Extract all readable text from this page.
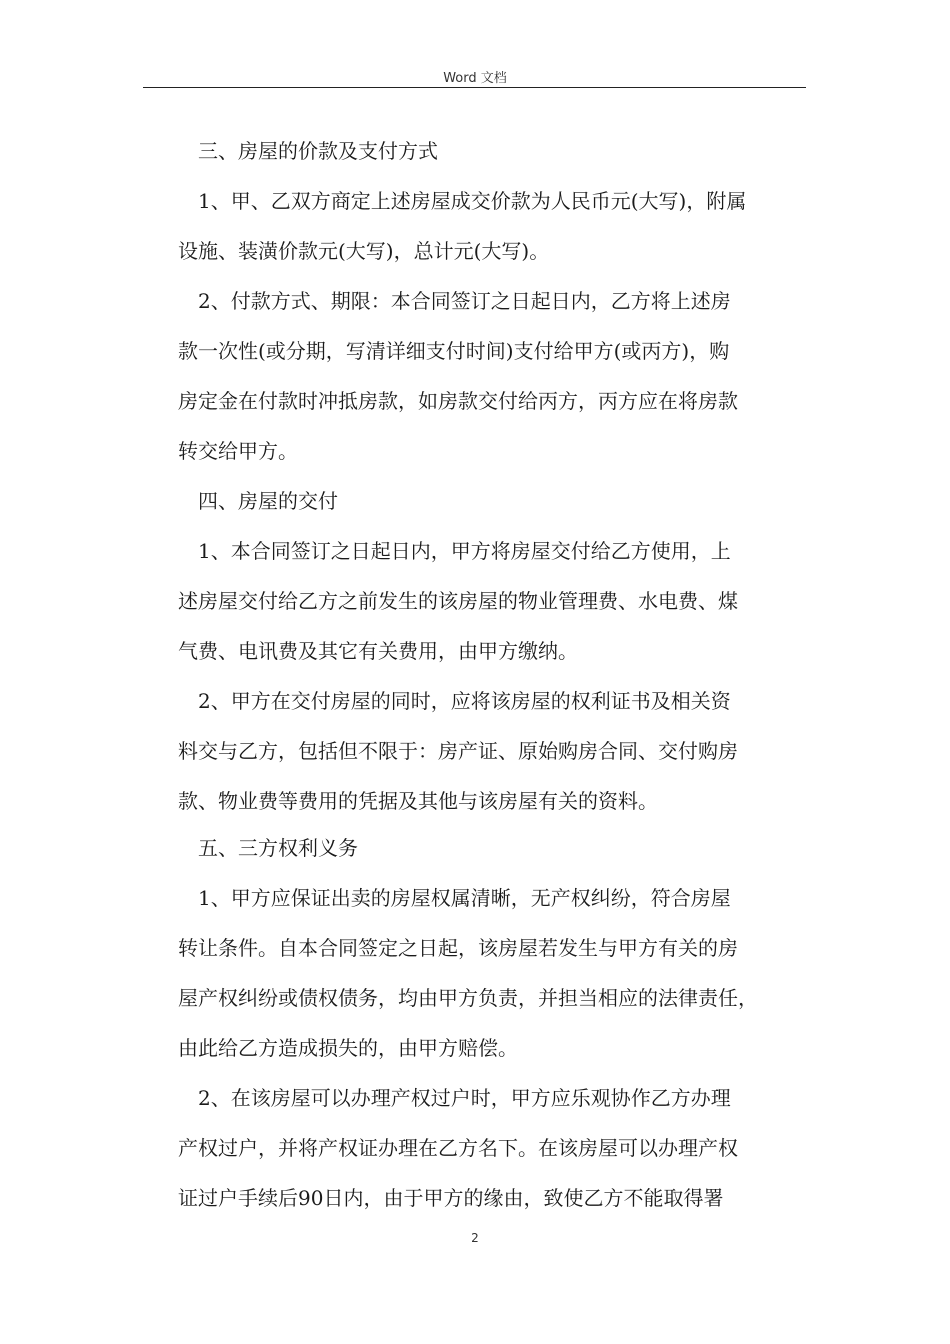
Word 文档
三、房屋的价款及支付方式
1、甲、乙双方商定上述房屋成交价款为人民币元(大写)，附属
设施、装潢价款元(大写)，总计元(大写)。
2、付款方式、期限：本合同签订之日起日内，乙方将上述房
款一次性(或分期，写清详细支付时间)支付给甲方(或丙方)，购
房定金在付款时冲抵房款，如房款交付给丙方，丙方应在将房款
转交给甲方。
四、房屋的交付
1、本合同签订之日起日内，甲方将房屋交付给乙方使用，上
述房屋交付给乙方之前发生的该房屋的物业管理费、水电费、煤
气费、电讯费及其它有关费用，由甲方缴纳。
2、甲方在交付房屋的同时，应将该房屋的权利证书及相关资
料交与乙方，包括但不限于：房产证、原始购房合同、交付购房
款、物业费等费用的凭据及其他与该房屋有关的资料。
五、三方权利义务
1、甲方应保证出卖的房屋权属清晰，无产权纠纷，符合房屋
转让条件。自本合同签定之日起，该房屋若发生与甲方有关的房
屋产权纠纷或债权债务，均由甲方负责，并担当相应的法律责任，
由此给乙方造成损失的，由甲方赔偿。
2、在该房屋可以办理产权过户时，甲方应乐观协作乙方办理
产权过户，并将产权证办理在乙方名下。在该房屋可以办理产权
证过户手续后90日内，由于甲方的缘由，致使乙方不能取得署
2
